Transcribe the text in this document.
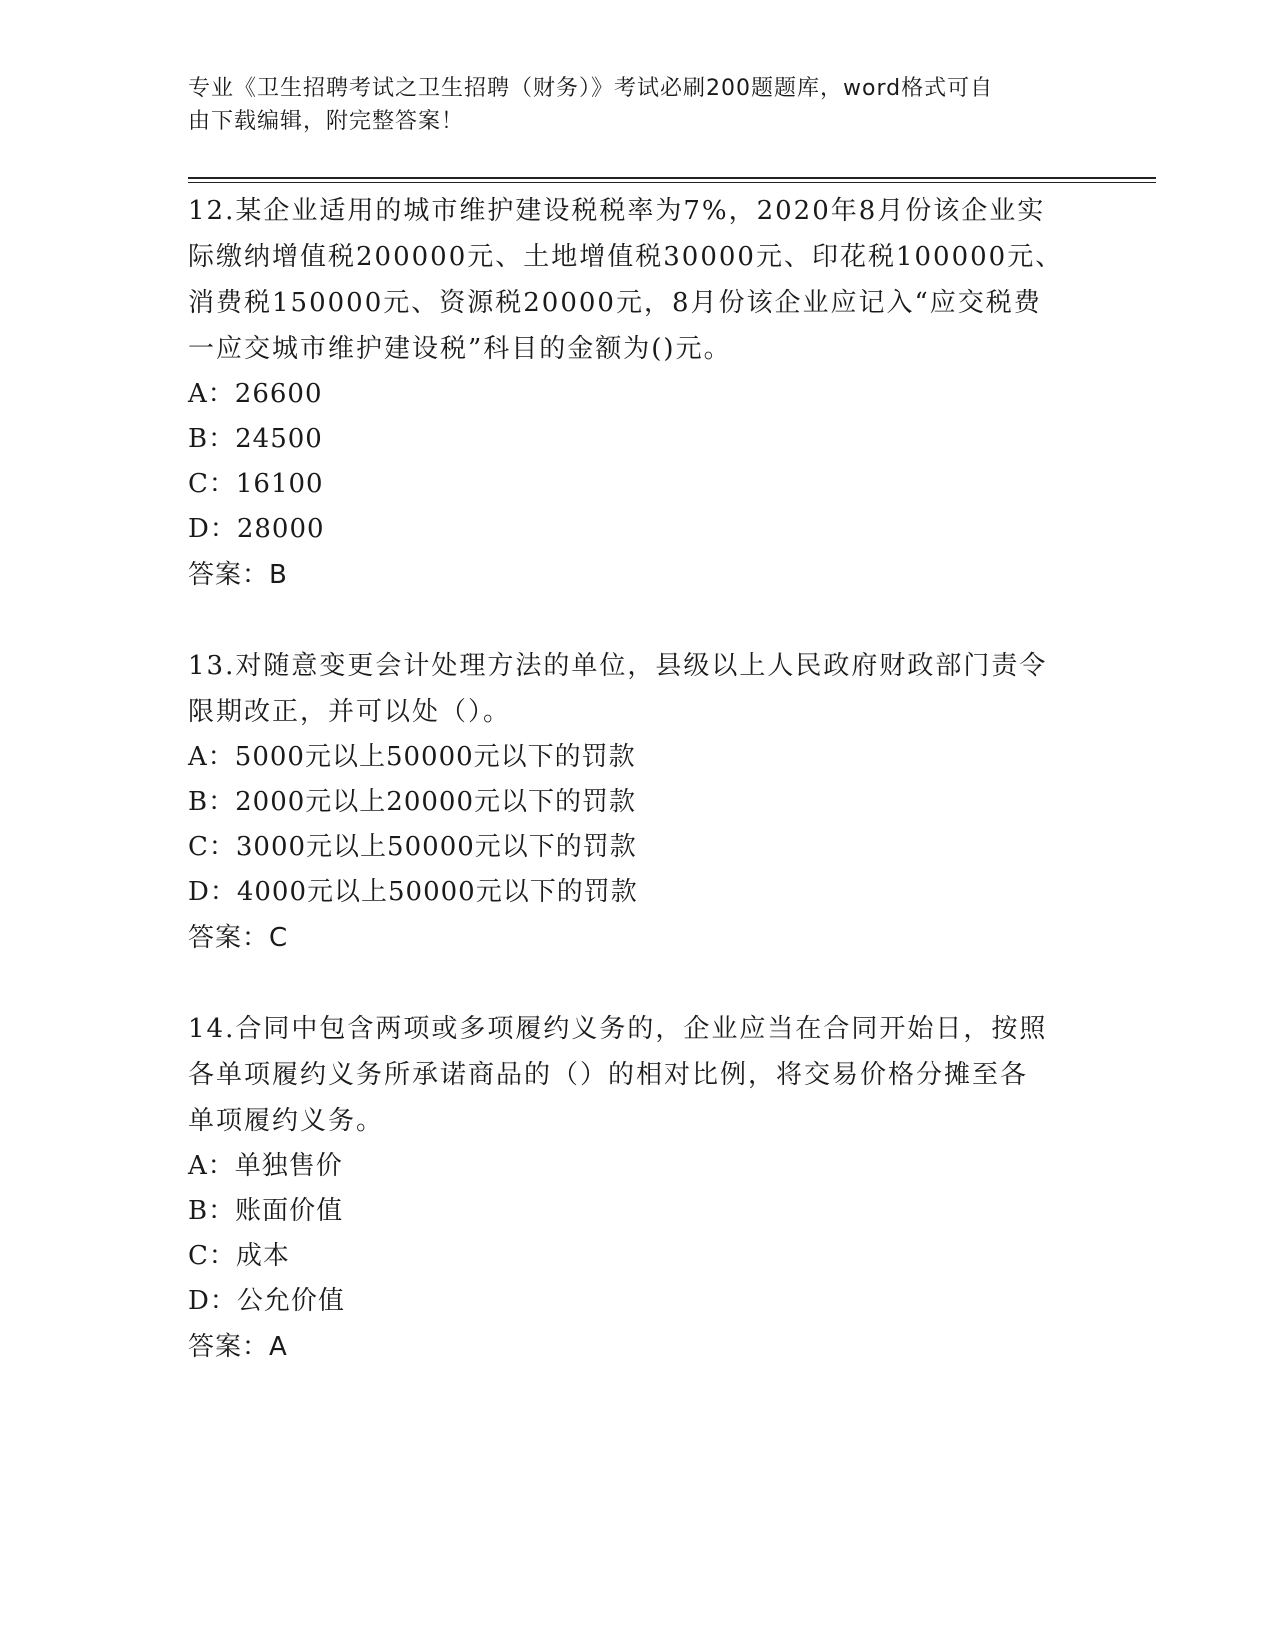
专业《卫生招聘考试之卫生招聘（财务）》考试必刷200题题库，word格式可自
由下载编辑，附完整答案！
12.某企业适用的城市维护建设税税率为7%，2020年8月份该企业实
际缴纳增值税200000元、土地增值税30000元、印花税100000元、
消费税150000元、资源税20000元，8月份该企业应记入“应交税费
一应交城市维护建设税”科目的金额为()元。
A：26600
B：24500
C：16100
D：28000
答案：B
13.对随意变更会计处理方法的单位，县级以上人民政府财政部门责令
限期改正，并可以处（）。
A：5000元以上50000元以下的罚款
B：2000元以上20000元以下的罚款
C：3000元以上50000元以下的罚款
D：4000元以上50000元以下的罚款
答案：C
14.合同中包含两项或多项履约义务的，企业应当在合同开始日，按照
各单项履约义务所承诺商品的（）的相对比例，将交易价格分摊至各
单项履约义务。
A：单独售价
B：账面价值
C：成本
D：公允价值
答案：A
